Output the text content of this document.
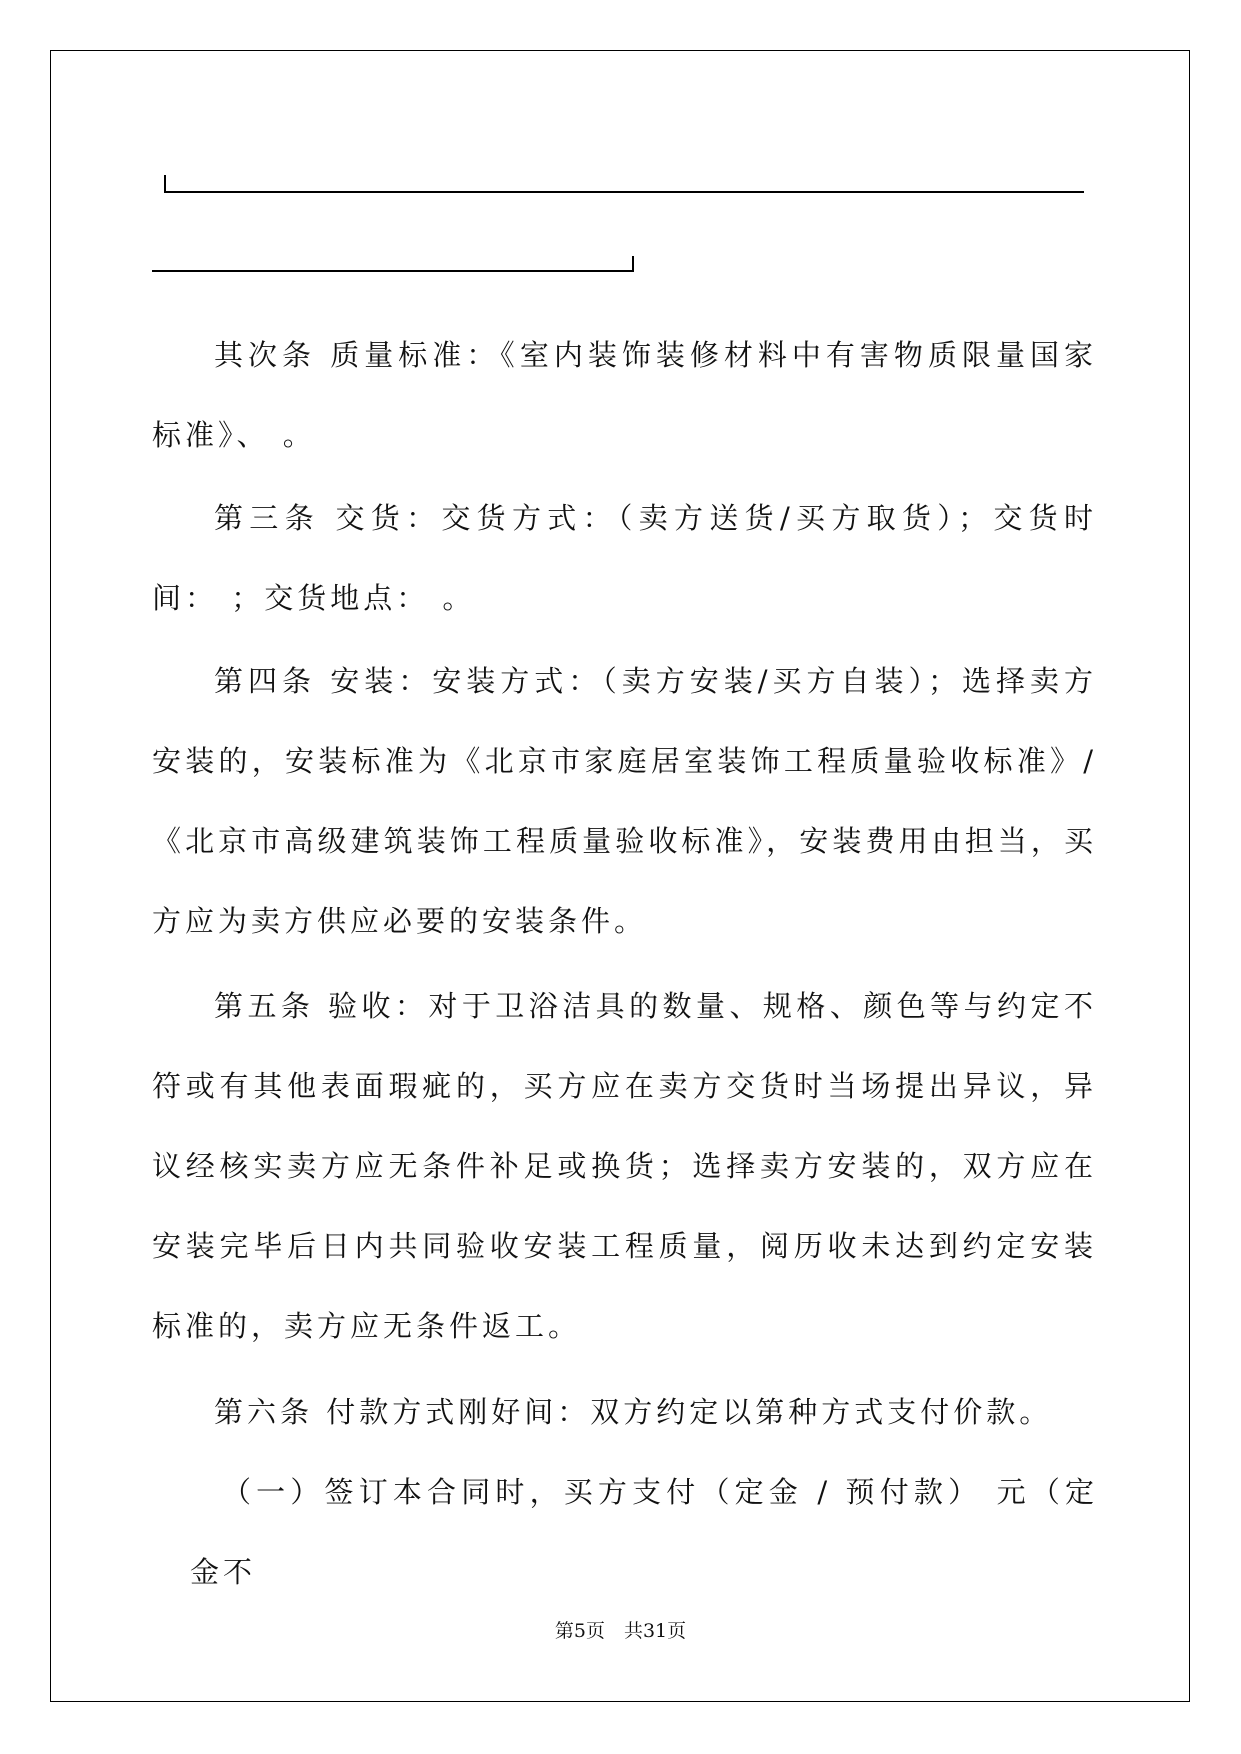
其次条 质量标准：《室内装饰装修材料中有害物质限量国家标准》、 。

第三条 交货：交货方式：（卖方送货/买方取货）；交货时间： ；交货地点： 。

第四条 安装：安装方式：（卖方安装/买方自装）；选择卖方安装的，安装标准为《北京市家庭居室装饰工程质量验收标准》/《北京市高级建筑装饰工程质量验收标准》，安装费用由担当，买方应为卖方供应必要的安装条件。

第五条 验收：对于卫浴洁具的数量、规格、颜色等与约定不符或有其他表面瑕疵的，买方应在卖方交货时当场提出异议，异议经核实卖方应无条件补足或换货；选择卖方安装的，双方应在安装完毕后日内共同验收安装工程质量，阅历收未达到约定安装标准的，卖方应无条件返工。

第六条 付款方式刚好间：双方约定以第种方式支付价款。

（一）签订本合同时，买方支付（定金 / 预付款） 元（定金不

第5页　共31页
